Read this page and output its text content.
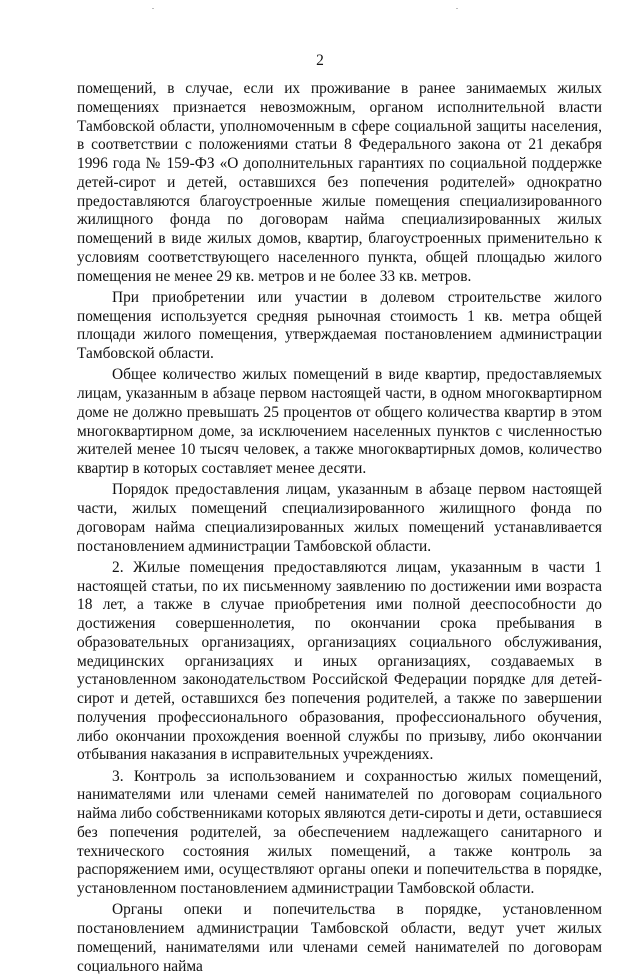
2

помещений, в случае, если их проживание в ранее занимаемых жилых помещениях признается невозможным, органом исполнительной власти Тамбовской области, уполномоченным в сфере социальной защиты населения, в соответствии с положениями статьи 8 Федерального закона от 21 декабря 1996 года № 159-ФЗ «О дополнительных гарантиях по социальной поддержке детей-сирот и детей, оставшихся без попечения родителей» однократно предоставляются благоустроенные жилые помещения специализированного жилищного фонда по договорам найма специализированных жилых помещений в виде жилых домов, квартир, благоустроенных применительно к условиям соответствующего населенного пункта, общей площадью жилого помещения не менее 29 кв. метров и не более 33 кв. метров.

При приобретении или участии в долевом строительстве жилого помещения используется средняя рыночная стоимость 1 кв. метра общей площади жилого помещения, утверждаемая постановлением администрации Тамбовской области.

Общее количество жилых помещений в виде квартир, предоставляемых лицам, указанным в абзаце первом настоящей части, в одном многоквартирном доме не должно превышать 25 процентов от общего количества квартир в этом многоквартирном доме, за исключением населенных пунктов с численностью жителей менее 10 тысяч человек, а также многоквартирных домов, количество квартир в которых составляет менее десяти.

Порядок предоставления лицам, указанным в абзаце первом настоящей части, жилых помещений специализированного жилищного фонда по договорам найма специализированных жилых помещений устанавливается постановлением администрации Тамбовской области.

2. Жилые помещения предоставляются лицам, указанным в части 1 настоящей статьи, по их письменному заявлению по достижении ими возраста 18 лет, а также в случае приобретения ими полной дееспособности до достижения совершеннолетия, по окончании срока пребывания в образовательных организациях, организациях социального обслуживания, медицинских организациях и иных организациях, создаваемых в установленном законодательством Российской Федерации порядке для детей-сирот и детей, оставшихся без попечения родителей, а также по завершении получения профессионального образования, профессионального обучения, либо окончании прохождения военной службы по призыву, либо окончании отбывания наказания в исправительных учреждениях.

3. Контроль за использованием и сохранностью жилых помещений, нанимателями или членами семей нанимателей по договорам социального найма либо собственниками которых являются дети-сироты и дети, оставшиеся без попечения родителей, за обеспечением надлежащего санитарного и технического состояния жилых помещений, а также контроль за распоряжением ими, осуществляют органы опеки и попечительства в порядке, установленном постановлением администрации Тамбовской области.

Органы опеки и попечительства в порядке, установленном постановлением администрации Тамбовской области, ведут учет жилых помещений, нанимателями или членами семей нанимателей по договорам социального найма
